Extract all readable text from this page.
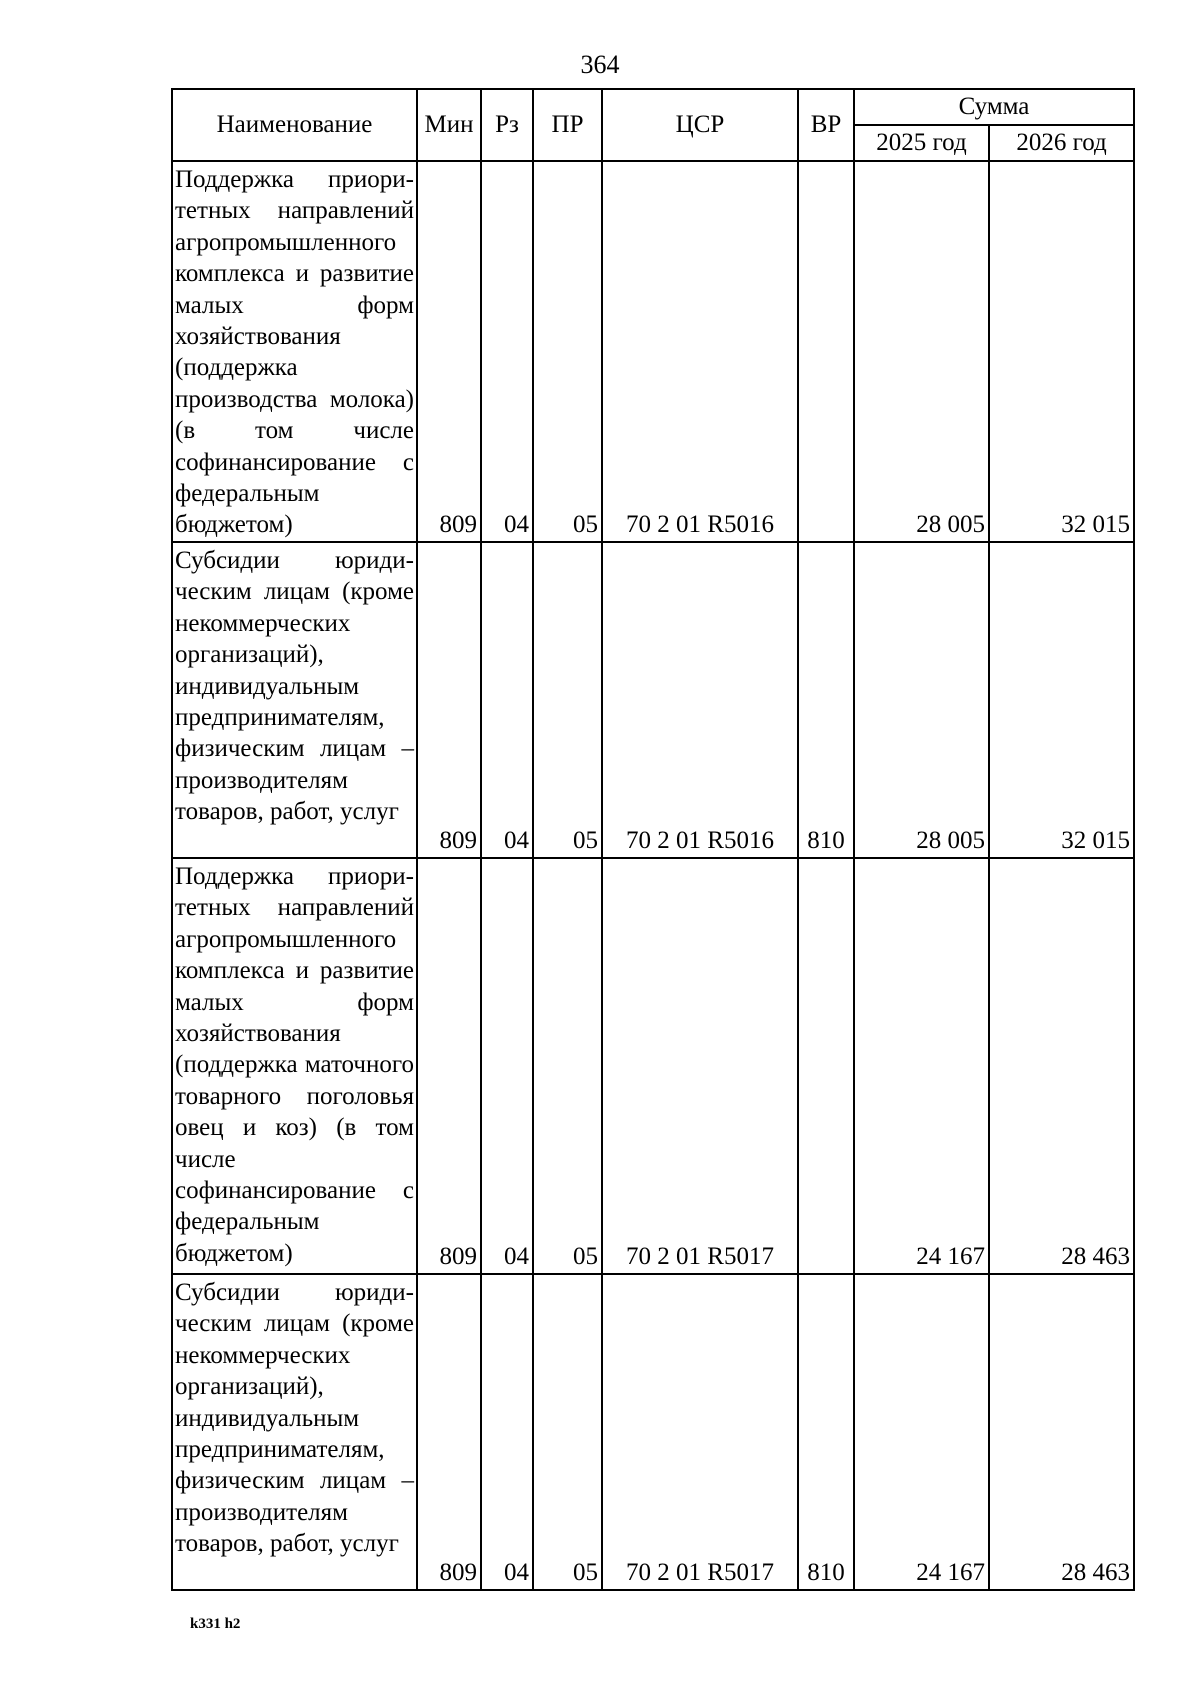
364
Наименование	Мин	Рз	ПР	ЦСР	ВР	Сумма	
						2025 год	2026 год
Поддержка приоритетных направлений агропромышленного комплекса и развитие малых форм хозяйствования (поддержка производства молока) (в том числе софинансирование с федеральным бюджетом)	809	04	05	70 2 01 R5016		28 005	32 015
Субсидии юридическим лицам (кроме некоммерческих организаций), индивидуальным предпринимателям, физическим лицам – производителям товаров, работ, услуг	809	04	05	70 2 01 R5016	810	28 005	32 015
Поддержка приоритетных направлений агропромышленного комплекса и развитие малых форм хозяйствования (поддержка маточного товарного поголовья овец и коз) (в том числе софинансирование с федеральным бюджетом)	809	04	05	70 2 01 R5017		24 167	28 463
Субсидии юридическим лицам (кроме некоммерческих организаций), индивидуальным предпринимателям, физическим лицам – производителям товаров, работ, услуг	809	04	05	70 2 01 R5017	810	24 167	28 463
k331 h2
